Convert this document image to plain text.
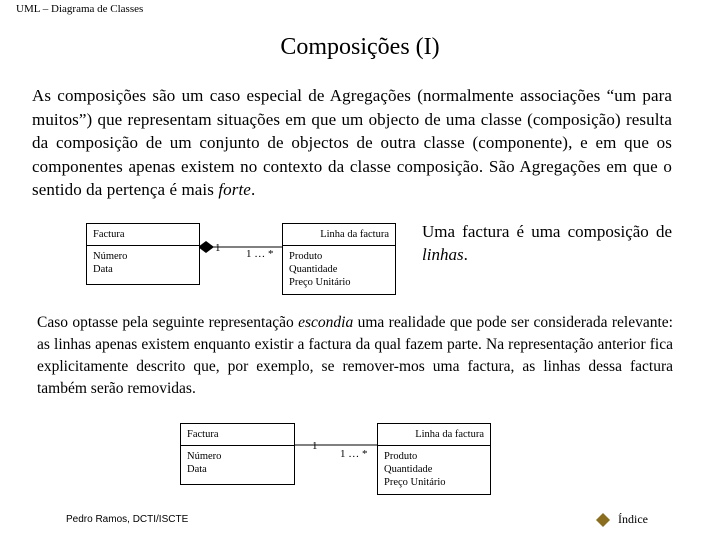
UML – Diagrama de Classes
Composições (I)

As composições são um caso especial de Agregações (normalmente associações “um para muitos”) que representam situações em que um objecto de uma classe (composição) resulta da composição de um conjunto de objectos de outra classe (componente), e em que os componentes apenas existem no contexto da classe composição. São Agregações em que o sentido da pertença é mais forte.

Factura
Número
Data
1 1 … *
Linha da factura
Produto
Quantidade
Preço Unitário

Uma factura é uma composição de linhas.

Caso optasse pela seguinte representação escondia uma realidade que pode ser considerada relevante: as linhas apenas existem enquanto existir a factura da qual fazem parte. Na representação anterior fica explicitamente descrito que, por exemplo, se remover-mos uma factura, as linhas dessa factura também serão removidas.

Factura
Número
Data
1
1 … *
Linha da factura
Produto
Quantidade
Preço Unitário
Pedro Ramos, DCTI/ISCTE	Índice
